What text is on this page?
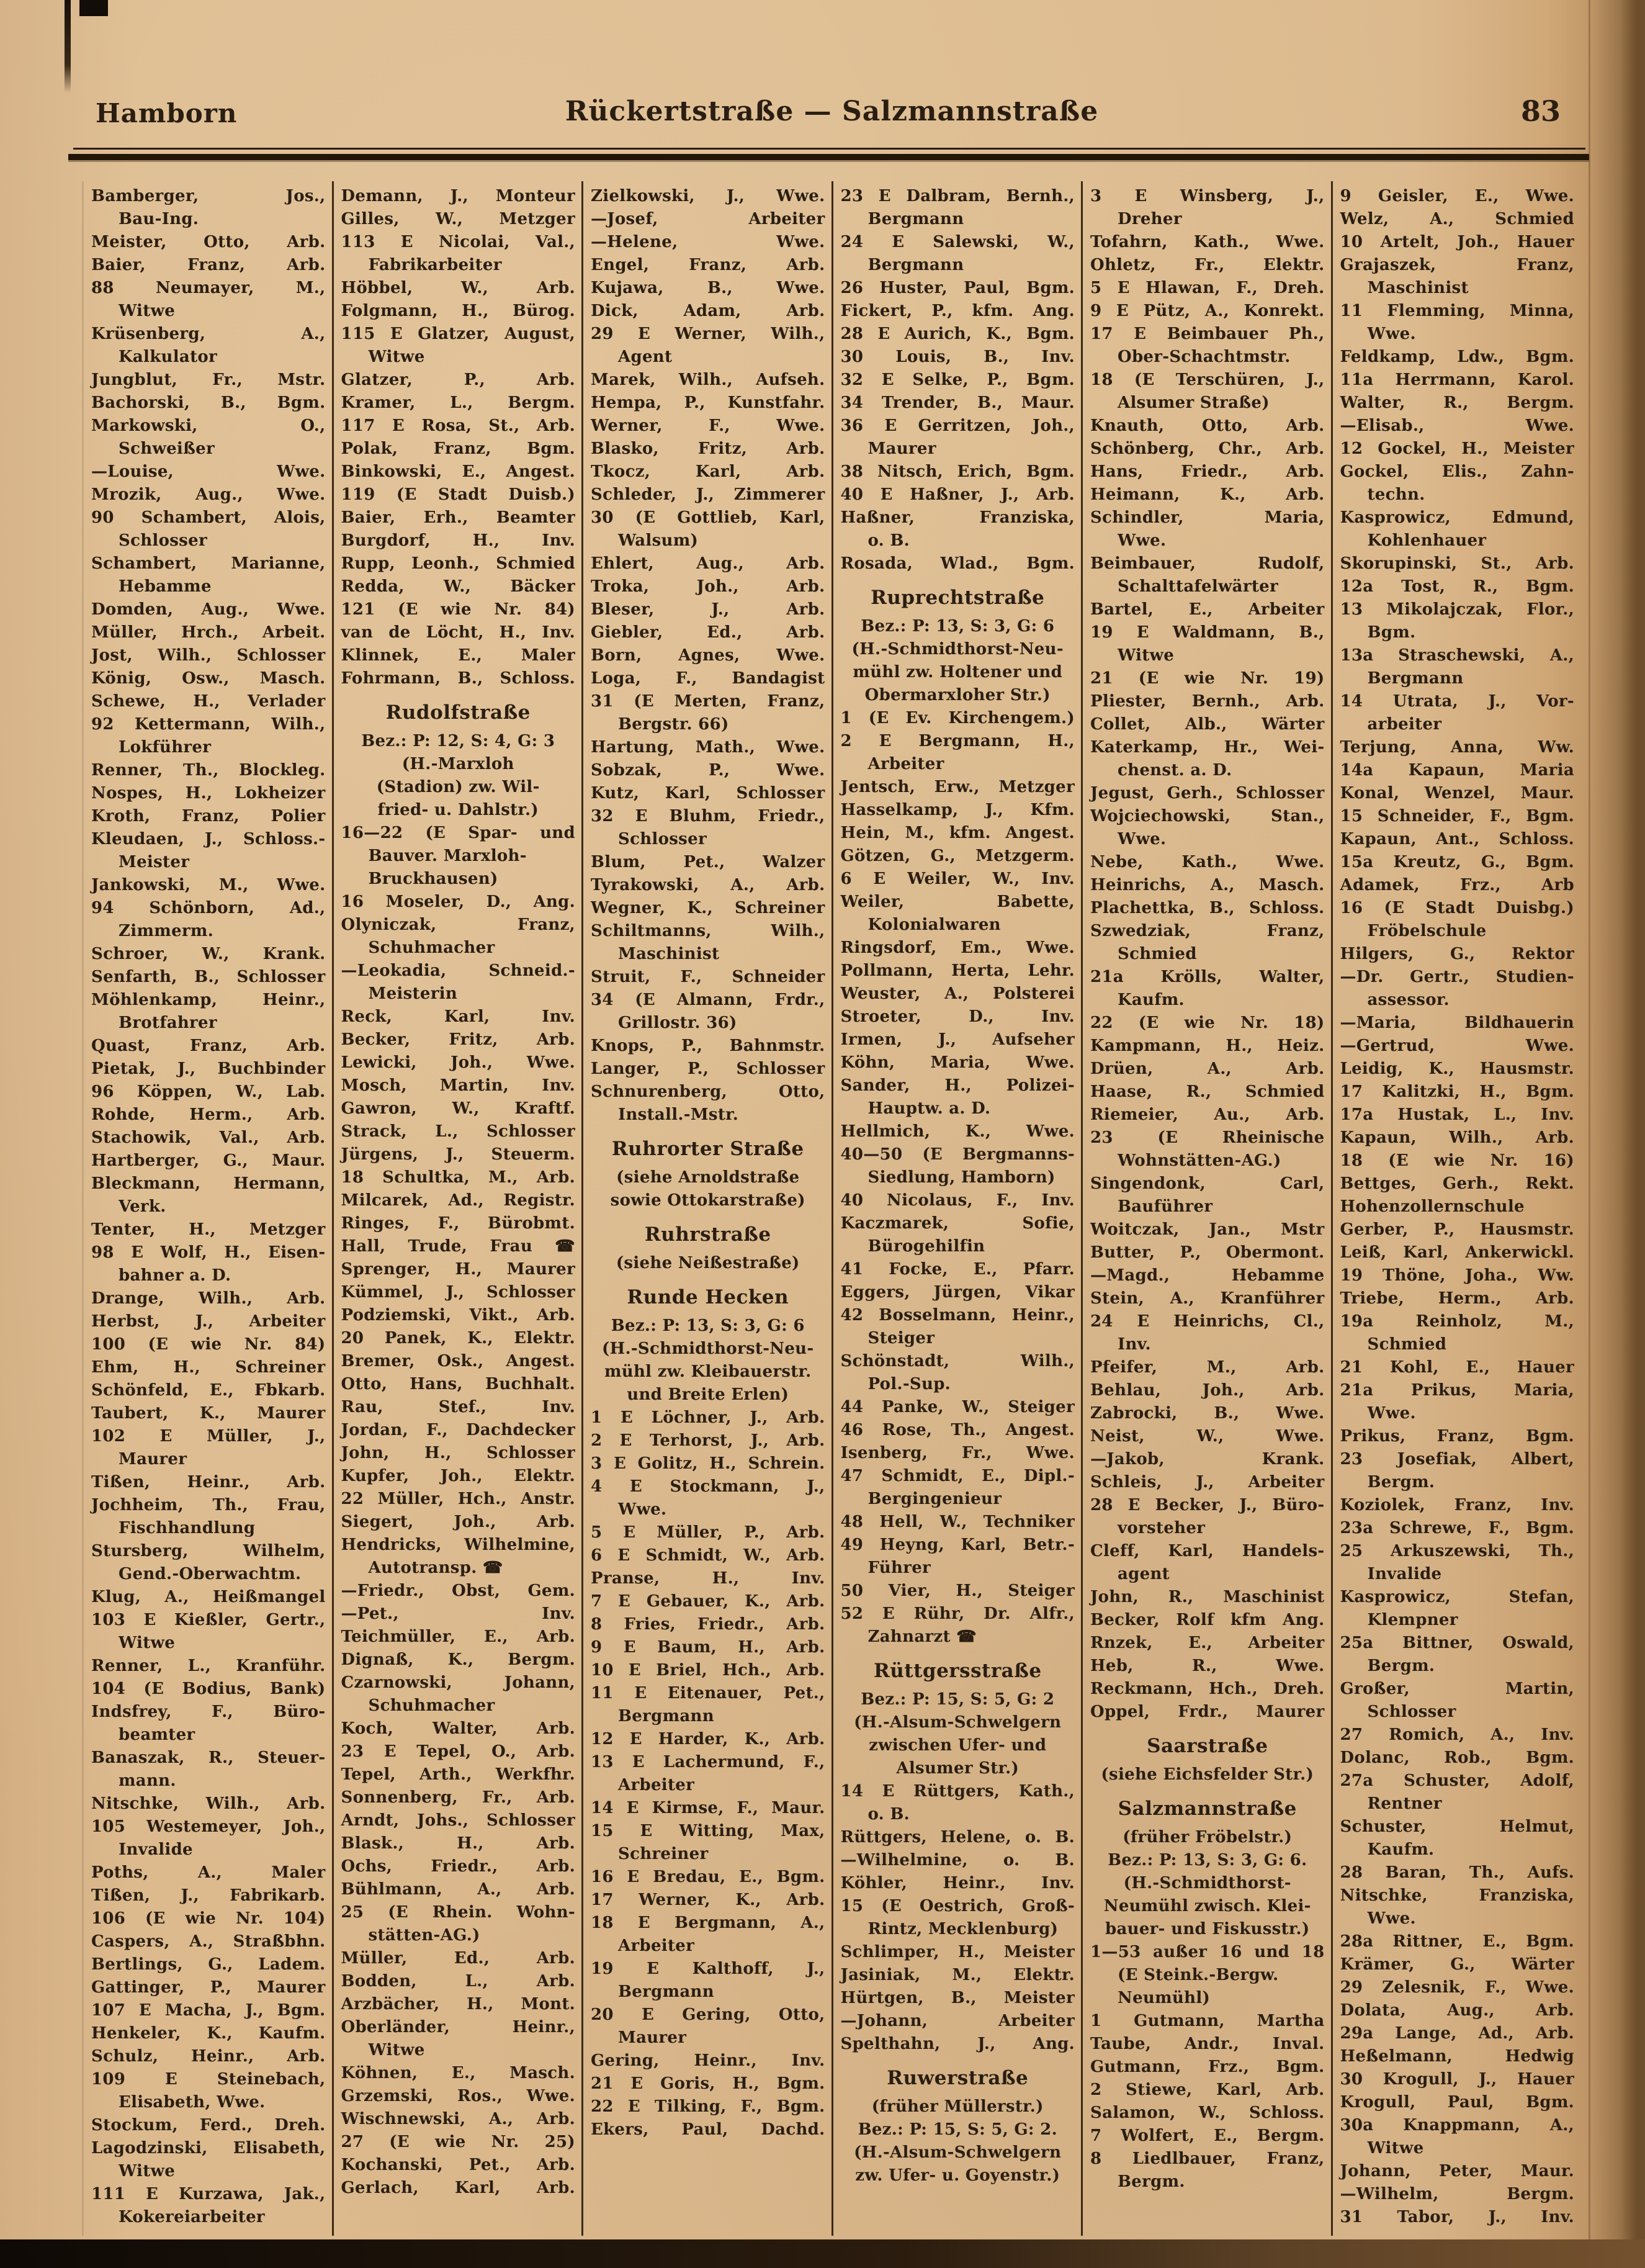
Hamborn	Rückertstraße — Salzmannstraße	83
Bamberger, Jos.,
Bau-Ing.
Meister, Otto, Arb.
Baier, Franz, Arb.
88 Neumayer, M.,
Witwe
Krüsenberg, A.,
Kalkulator
Jungblut, Fr., Mstr.
Bachorski, B., Bgm.
Markowski, O.,
Schweißer
—Louise, Wwe.
Mrozik, Aug., Wwe.
90 Schambert, Alois,
Schlosser
Schambert, Marianne,
Hebamme
Domden, Aug., Wwe.
Müller, Hrch., Arbeit.
Jost, Wilh., Schlosser
König, Osw., Masch.
Schewe, H., Verlader
92 Kettermann, Wilh.,
Lokführer
Renner, Th., Blockleg.
Nospes, H., Lokheizer
Kroth, Franz, Polier
Kleudaen, J., Schloss.-
Meister
Jankowski, M., Wwe.
94 Schönborn, Ad.,
Zimmerm.
Schroer, W., Krank.
Senfarth, B., Schlosser
Möhlenkamp, Heinr.,
Brotfahrer
Quast, Franz, Arb.
Pietak, J., Buchbinder
96 Köppen, W., Lab.
Rohde, Herm., Arb.
Stachowik, Val., Arb.
Hartberger, G., Maur.
Bleckmann, Hermann,
Verk.
Tenter, H., Metzger
98 E Wolf, H., Eisen-
bahner a. D.
Drange, Wilh., Arb.
Herbst, J., Arbeiter
100 (E wie Nr. 84)
Ehm, H., Schreiner
Schönfeld, E., Fbkarb.
Taubert, K., Maurer
102 E Müller, J.,
Maurer
Tißen, Heinr., Arb.
Jochheim, Th., Frau,
Fischhandlung
Stursberg, Wilhelm,
Gend.-Oberwachtm.
Klug, A., Heißmangel
103 E Kießler, Gertr.,
Witwe
Renner, L., Kranführ.
104 (E Bodius, Bank)
Indsfrey, F., Büro-
beamter
Banaszak, R., Steuer-
mann.
Nitschke, Wilh., Arb.
105 Westemeyer, Joh.,
Invalide
Poths, A., Maler
Tißen, J., Fabrikarb.
106 (E wie Nr. 104)
Caspers, A., Straßbhn.
Bertlings, G., Ladem.
Gattinger, P., Maurer
107 E Macha, J., Bgm.
Henkeler, K., Kaufm.
Schulz, Heinr., Arb.
109 E Steinebach,
Elisabeth, Wwe.
Stockum, Ferd., Dreh.
Lagodzinski, Elisabeth,
Witwe
111 E Kurzawa, Jak.,
Kokereiarbeiter
Demann, J., Monteur
Gilles, W., Metzger
113 E Nicolai, Val.,
Fabrikarbeiter
Höbbel, W., Arb.
Folgmann, H., Bürog.
115 E Glatzer, August,
Witwe
Glatzer, P., Arb.
Kramer, L., Bergm.
117 E Rosa, St., Arb.
Polak, Franz, Bgm.
Binkowski, E., Angest.
119 (E Stadt Duisb.)
Baier, Erh., Beamter
Burgdorf, H., Inv.
Rupp, Leonh., Schmied
Redda, W., Bäcker
121 (E wie Nr. 84)
van de Löcht, H., Inv.
Klinnek, E., Maler
Fohrmann, B., Schloss.
Rudolfstraße
Bez.: P: 12, S: 4, G: 3
(H.-Marxloh
(Stadion) zw. Wil-
fried- u. Dahlstr.)
16—22 (E Spar- und
Bauver. Marxloh-
Bruckhausen)
16 Moseler, D., Ang.
Olyniczak, Franz,
Schuhmacher
—Leokadia, Schneid.-
Meisterin
Reck, Karl, Inv.
Becker, Fritz, Arb.
Lewicki, Joh., Wwe.
Mosch, Martin, Inv.
Gawron, W., Kraftf.
Strack, L., Schlosser
Jürgens, J., Steuerm.
18 Schultka, M., Arb.
Milcarek, Ad., Registr.
Ringes, F., Bürobmt.
Hall, Trude, Frau ☎
Sprenger, H., Maurer
Kümmel, J., Schlosser
Podziemski, Vikt., Arb.
20 Panek, K., Elektr.
Bremer, Osk., Angest.
Otto, Hans, Buchhalt.
Rau, Stef., Inv.
Jordan, F., Dachdecker
John, H., Schlosser
Kupfer, Joh., Elektr.
22 Müller, Hch., Anstr.
Siegert, Joh., Arb.
Hendricks, Wilhelmine,
Autotransp. ☎
—Friedr., Obst, Gem.
—Pet., Inv.
Teichmüller, E., Arb.
Dignaß, K., Bergm.
Czarnowski, Johann,
Schuhmacher
Koch, Walter, Arb.
23 E Tepel, O., Arb.
Tepel, Arth., Werkfhr.
Sonnenberg, Fr., Arb.
Arndt, Johs., Schlosser
Blask., H., Arb.
Ochs, Friedr., Arb.
Bühlmann, A., Arb.
25 (E Rhein. Wohn-
stätten-AG.)
Müller, Ed., Arb.
Bodden, L., Arb.
Arzbächer, H., Mont.
Oberländer, Heinr.,
Witwe
Köhnen, E., Masch.
Grzemski, Ros., Wwe.
Wischnewski, A., Arb.
27 (E wie Nr. 25)
Kochanski, Pet., Arb.
Gerlach, Karl, Arb.
Zielkowski, J., Wwe.
—Josef, Arbeiter
—Helene, Wwe.
Engel, Franz, Arb.
Kujawa, B., Wwe.
Dick, Adam, Arb.
29 E Werner, Wilh.,
Agent
Marek, Wilh., Aufseh.
Hempa, P., Kunstfahr.
Werner, F., Wwe.
Blasko, Fritz, Arb.
Tkocz, Karl, Arb.
Schleder, J., Zimmerer
30 (E Gottlieb, Karl,
Walsum)
Ehlert, Aug., Arb.
Troka, Joh., Arb.
Bleser, J., Arb.
Giebler, Ed., Arb.
Born, Agnes, Wwe.
Loga, F., Bandagist
31 (E Merten, Franz,
Bergstr. 66)
Hartung, Math., Wwe.
Sobzak, P., Wwe.
Kutz, Karl, Schlosser
32 E Bluhm, Friedr.,
Schlosser
Blum, Pet., Walzer
Tyrakowski, A., Arb.
Wegner, K., Schreiner
Schiltmanns, Wilh.,
Maschinist
Struit, F., Schneider
34 (E Almann, Frdr.,
Grillostr. 36)
Knops, P., Bahnmstr.
Langer, P., Schlosser
Schnurenberg, Otto,
Install.-Mstr.
Ruhrorter Straße
(siehe Arnoldstraße
sowie Ottokarstraße)
Ruhrstraße
(siehe Neißestraße)
Runde Hecken
Bez.: P: 13, S: 3, G: 6
(H.-Schmidthorst-Neu-
mühl zw. Kleibauerstr.
und Breite Erlen)
1 E Löchner, J., Arb.
2 E Terhorst, J., Arb.
3 E Golitz, H., Schrein.
4 E Stockmann, J.,
Wwe.
5 E Müller, P., Arb.
6 E Schmidt, W., Arb.
Pranse, H., Inv.
7 E Gebauer, K., Arb.
8 Fries, Friedr., Arb.
9 E Baum, H., Arb.
10 E Briel, Hch., Arb.
11 E Eitenauer, Pet.,
Bergmann
12 E Harder, K., Arb.
13 E Lachermund, F.,
Arbeiter
14 E Kirmse, F., Maur.
15 E Witting, Max,
Schreiner
16 E Bredau, E., Bgm.
17 Werner, K., Arb.
18 E Bergmann, A.,
Arbeiter
19 E Kalthoff, J.,
Bergmann
20 E Gering, Otto,
Maurer
Gering, Heinr., Inv.
21 E Goris, H., Bgm.
22 E Tilking, F., Bgm.
Ekers, Paul, Dachd.
23 E Dalbram, Bernh.,
Bergmann
24 E Salewski, W.,
Bergmann
26 Huster, Paul, Bgm.
Fickert, P., kfm. Ang.
28 E Aurich, K., Bgm.
30 Louis, B., Inv.
32 E Selke, P., Bgm.
34 Trender, B., Maur.
36 E Gerritzen, Joh.,
Maurer
38 Nitsch, Erich, Bgm.
40 E Haßner, J., Arb.
Haßner, Franziska,
o. B.
Rosada, Wlad., Bgm.
Ruprechtstraße
Bez.: P: 13, S: 3, G: 6
(H.-Schmidthorst-Neu-
mühl zw. Holtener und
Obermarxloher Str.)
1 (E Ev. Kirchengem.)
2 E Bergmann, H.,
Arbeiter
Jentsch, Erw., Metzger
Hasselkamp, J., Kfm.
Hein, M., kfm. Angest.
Götzen, G., Metzgerm.
6 E Weiler, W., Inv.
Weiler, Babette,
Kolonialwaren
Ringsdorf, Em., Wwe.
Pollmann, Herta, Lehr.
Weuster, A., Polsterei
Stroeter, D., Inv.
Irmen, J., Aufseher
Köhn, Maria, Wwe.
Sander, H., Polizei-
Hauptw. a. D.
Hellmich, K., Wwe.
40—50 (E Bergmanns-
Siedlung, Hamborn)
40 Nicolaus, F., Inv.
Kaczmarek, Sofie,
Bürogehilfin
41 Focke, E., Pfarr.
Eggers, Jürgen, Vikar
42 Bosselmann, Heinr.,
Steiger
Schönstadt, Wilh.,
Pol.-Sup.
44 Panke, W., Steiger
46 Rose, Th., Angest.
Isenberg, Fr., Wwe.
47 Schmidt, E., Dipl.-
Bergingenieur
48 Hell, W., Techniker
49 Heyng, Karl, Betr.-
Führer
50 Vier, H., Steiger
52 E Rühr, Dr. Alfr.,
Zahnarzt ☎
Rüttgersstraße
Bez.: P: 15, S: 5, G: 2
(H.-Alsum-Schwelgern
zwischen Ufer- und
Alsumer Str.)
14 E Rüttgers, Kath.,
o. B.
Rüttgers, Helene, o. B.
—Wilhelmine, o. B.
Köhler, Heinr., Inv.
15 (E Oestrich, Groß-
Rintz, Mecklenburg)
Schlimper, H., Meister
Jasiniak, M., Elektr.
Hürtgen, B., Meister
—Johann, Arbeiter
Spelthahn, J., Ang.
Ruwerstraße
(früher Müllerstr.)
Bez.: P: 15, S: 5, G: 2.
(H.-Alsum-Schwelgern
zw. Ufer- u. Goyenstr.)
3 E Winsberg, J.,
Dreher
Tofahrn, Kath., Wwe.
Ohletz, Fr., Elektr.
5 E Hlawan, F., Dreh.
9 E Pütz, A., Konrekt.
17 E Beimbauer Ph.,
Ober-Schachtmstr.
18 (E Terschüren, J.,
Alsumer Straße)
Knauth, Otto, Arb.
Schönberg, Chr., Arb.
Hans, Friedr., Arb.
Heimann, K., Arb.
Schindler, Maria,
Wwe.
Beimbauer, Rudolf,
Schalttafelwärter
Bartel, E., Arbeiter
19 E Waldmann, B.,
Witwe
21 (E wie Nr. 19)
Pliester, Bernh., Arb.
Collet, Alb., Wärter
Katerkamp, Hr., Wei-
chenst. a. D.
Jegust, Gerh., Schlosser
Wojciechowski, Stan.,
Wwe.
Nebe, Kath., Wwe.
Heinrichs, A., Masch.
Plachettka, B., Schloss.
Szwedziak, Franz,
Schmied
21a Krölls, Walter,
Kaufm.
22 (E wie Nr. 18)
Kampmann, H., Heiz.
Drüen, A., Arb.
Haase, R., Schmied
Riemeier, Au., Arb.
23 (E Rheinische
Wohnstätten-AG.)
Singendonk, Carl,
Bauführer
Woitczak, Jan., Mstr
Butter, P., Obermont.
—Magd., Hebamme
Stein, A., Kranführer
24 E Heinrichs, Cl.,
Inv.
Pfeifer, M., Arb.
Behlau, Joh., Arb.
Zabrocki, B., Wwe.
Neist, W., Wwe.
—Jakob, Krank.
Schleis, J., Arbeiter
28 E Becker, J., Büro-
vorsteher
Cleff, Karl, Handels-
agent
John, R., Maschinist
Becker, Rolf kfm Ang.
Rnzek, E., Arbeiter
Heb, R., Wwe.
Reckmann, Hch., Dreh.
Oppel, Frdr., Maurer
Saarstraße
(siehe Eichsfelder Str.)
Salzmannstraße
(früher Fröbelstr.)
Bez.: P: 13, S: 3, G: 6.
(H.-Schmidthorst-
Neumühl zwisch. Klei-
bauer- und Fiskusstr.)
1—53 außer 16 und 18
(E Steink.-Bergw.
Neumühl)
1 Gutmann, Martha
Taube, Andr., Inval.
Gutmann, Frz., Bgm.
2 Stiewe, Karl, Arb.
Salamon, W., Schloss.
7 Wolfert, E., Bergm.
8 Liedlbauer, Franz,
Bergm.
9 Geisler, E., Wwe.
Welz, A., Schmied
10 Artelt, Joh., Hauer
Grajaszek, Franz,
Maschinist
11 Flemming, Minna,
Wwe.
Feldkamp, Ldw., Bgm.
11a Herrmann, Karol.
Walter, R., Bergm.
—Elisab., Wwe.
12 Gockel, H., Meister
Gockel, Elis., Zahn-
techn.
Kasprowicz, Edmund,
Kohlenhauer
Skorupinski, St., Arb.
12a Tost, R., Bgm.
13 Mikolajczak, Flor.,
Bgm.
13a Straschewski, A.,
Bergmann
14 Utrata, J., Vor-
arbeiter
Terjung, Anna, Ww.
14a Kapaun, Maria
Konal, Wenzel, Maur.
15 Schneider, F., Bgm.
Kapaun, Ant., Schloss.
15a Kreutz, G., Bgm.
Adamek, Frz., Arb
16 (E Stadt Duisbg.)
Fröbelschule
Hilgers, G., Rektor
—Dr. Gertr., Studien-
assessor.
—Maria, Bildhauerin
—Gertrud, Wwe.
Leidig, K., Hausmstr.
17 Kalitzki, H., Bgm.
17a Hustak, L., Inv.
Kapaun, Wilh., Arb.
18 (E wie Nr. 16)
Bettges, Gerh., Rekt.
Hohenzollernschule
Gerber, P., Hausmstr.
Leiß, Karl, Ankerwickl.
19 Thöne, Joha., Ww.
Triebe, Herm., Arb.
19a Reinholz, M.,
Schmied
21 Kohl, E., Hauer
21a Prikus, Maria,
Wwe.
Prikus, Franz, Bgm.
23 Josefiak, Albert,
Bergm.
Koziolek, Franz, Inv.
23a Schrewe, F., Bgm.
25 Arkuszewski, Th.,
Invalide
Kasprowicz, Stefan,
Klempner
25a Bittner, Oswald,
Bergm.
Großer, Martin,
Schlosser
27 Romich, A., Inv.
Dolanc, Rob., Bgm.
27a Schuster, Adolf,
Rentner
Schuster, Helmut,
Kaufm.
28 Baran, Th., Aufs.
Nitschke, Franziska,
Wwe.
28a Rittner, E., Bgm.
Krämer, G., Wärter
29 Zelesnik, F., Wwe.
Dolata, Aug., Arb.
29a Lange, Ad., Arb.
Heßelmann, Hedwig
30 Krogull, J., Hauer
Krogull, Paul, Bgm.
30a Knappmann, A.,
Witwe
Johann, Peter, Maur.
—Wilhelm, Bergm.
31 Tabor, J., Inv.
